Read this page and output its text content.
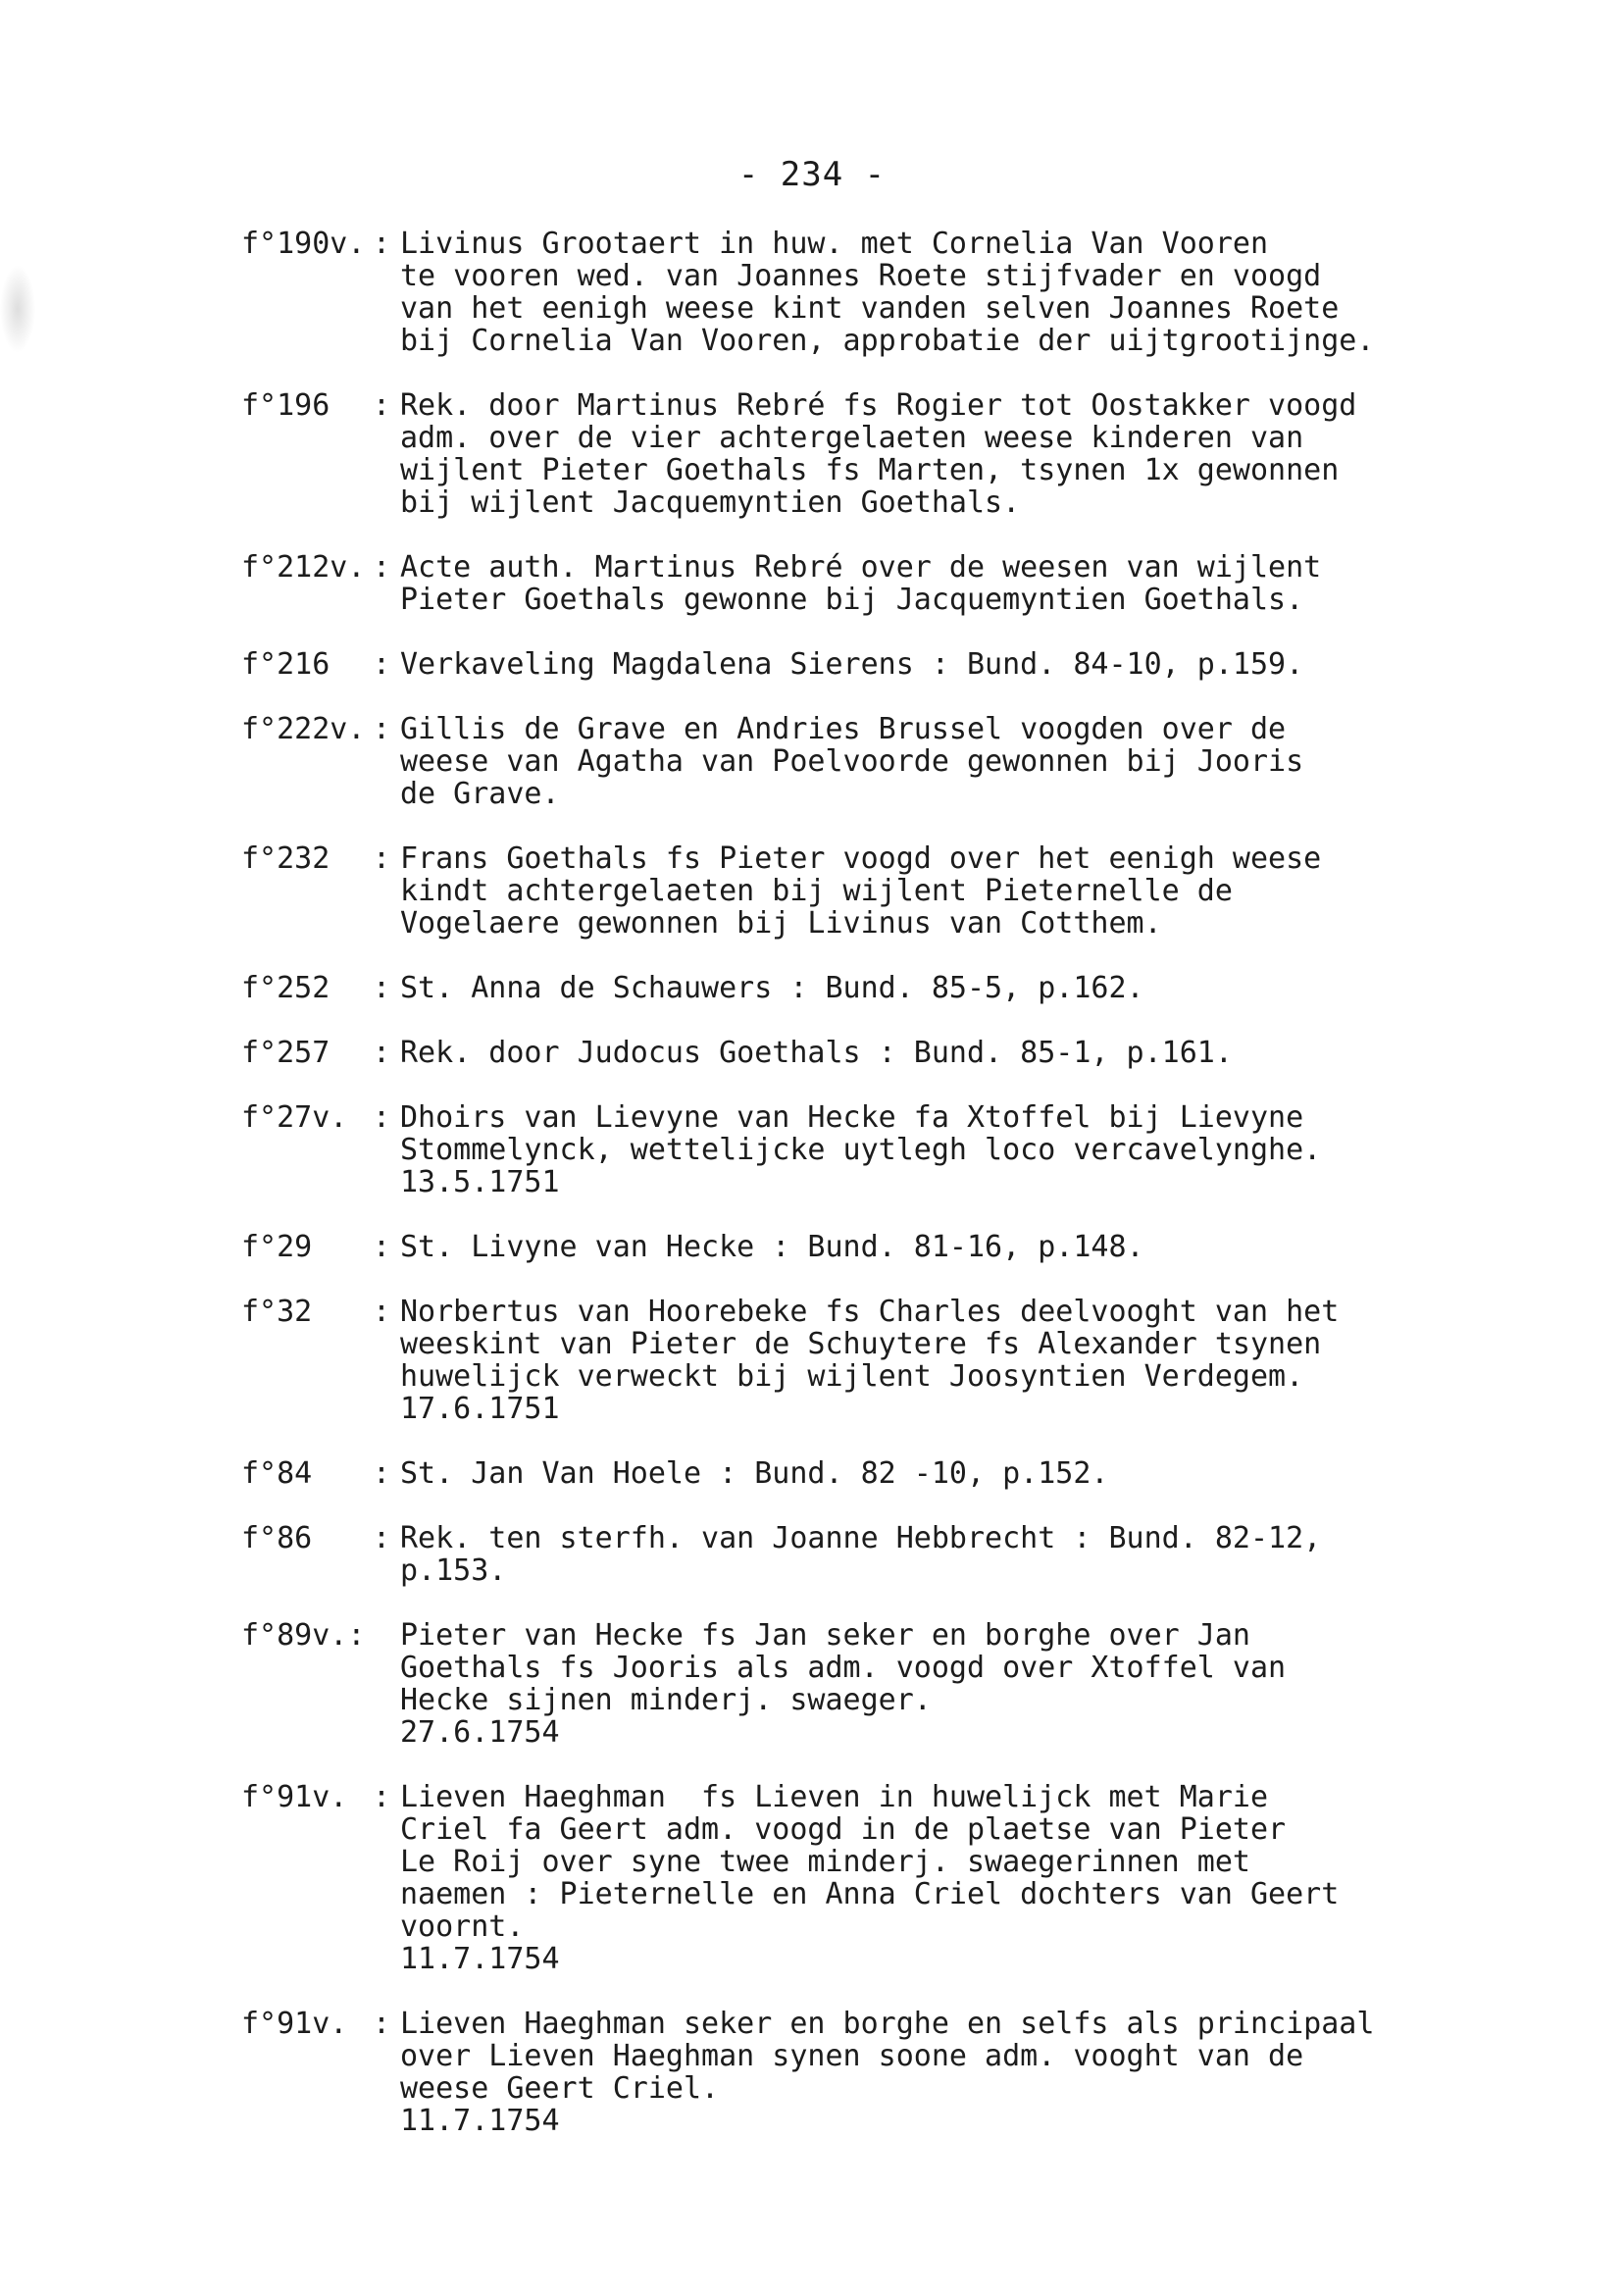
- 234 -
f°190v. : Livinus Grootaert in huw. met Cornelia Van Vooren
te vooren wed. van Joannes Roete stijfvader en voogd
van het eenigh weese kint vanden selven Joannes Roete
bij Cornelia Van Vooren, approbatie der uijtgrootijnge.
f°196	: Rek. door Martinus Rebré fs Rogier tot Oostakker voogd
adm. over de vier achtergelaeten weese kinderen van
wijlent Pieter Goethals fs Marten, tsynen 1x gewonnen
bij wijlent Jacquemyntien Goethals.
f°212v. : Acte auth. Martinus Rebré over de weesen van wijlent
Pieter Goethals gewonne bij Jacquemyntien Goethals.
f°216	: Verkaveling Magdalena Sierens : Bund. 84-10, p.159.
f°222v. : Gillis de Grave en Andries Brussel voogden over de
weese van Agatha van Poelvoorde gewonnen bij Jooris
de Grave.
f°232	: Frans Goethals fs Pieter voogd over het eenigh weese
kindt achtergelaeten bij wijlent Pieternelle de
Vogelaere gewonnen bij Livinus van Cotthem.
f°252	: St. Anna de Schauwers : Bund. 85-5, p.162.
f°257	: Rek. door Judocus Goethals : Bund. 85-1, p.161.
f°27v. : Dhoirs van Lievyne van Hecke fa Xtoffel bij Lievyne
Stommelynck, wettelijcke uytlegh loco vercavelynghe.
13.5.1751
f°29	: St. Livyne van Hecke : Bund. 81-16, p.148.
f°32	: Norbertus van Hoorebeke fs Charles deelvooght van het
weeskint van Pieter de Schuytere fs Alexander tsynen
huwelijck verweckt bij wijlent Joosyntien Verdegem.
17.6.1751
f°84	: St. Jan Van Hoele : Bund. 82 -10, p.152.
f°86	: Rek. ten sterfh. van Joanne Hebbrecht : Bund. 82-12,
p.153.
f°89v.: Pieter van Hecke fs Jan seker en borghe over Jan
Goethals fs Jooris als adm. voogd over Xtoffel van
Hecke sijnen minderj. swaeger.
27.6.1754
f°91v. : Lieven Haeghman  fs Lieven in huwelijck met Marie
Criel fa Geert adm. voogd in de plaetse van Pieter
Le Roij over syne twee minderj. swaegerinnen met
naemen : Pieternelle en Anna Criel dochters van Geert
voornt.
11.7.1754
f°91v. : Lieven Haeghman seker en borghe en selfs als principaal
over Lieven Haeghman synen soone adm. vooght van de
weese Geert Criel.
11.7.1754
